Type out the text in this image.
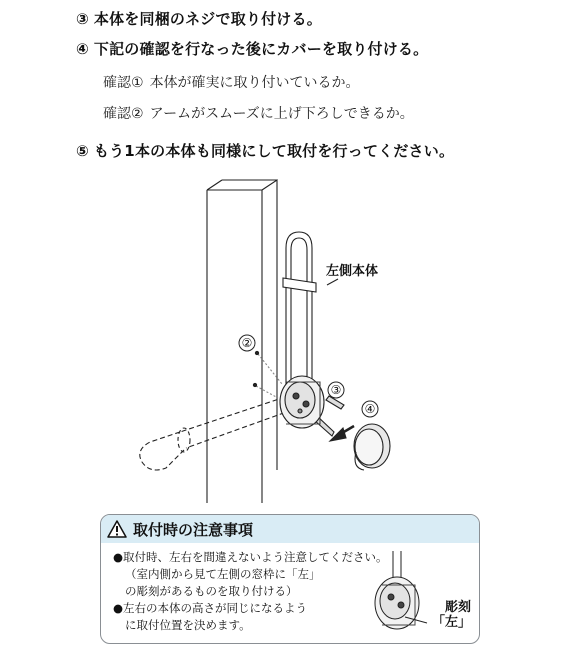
③ 本体を同梱のネジで取り付ける。
④ 下記の確認を行なった後にカバーを取り付ける。
確認① 本体が確実に取り付いているか。
確認② アームがスムーズに上げ下ろしできるか。
⑤ もう1本の本体も同様にして取付を行ってください。
左側本体
②
③
④
取付時の注意事項
●取付時、左右を間違えないよう注意してください。
（室内側から見て左側の窓枠に「左」
の彫刻があるものを取り付ける）
●左右の本体の高さが同じになるよう
に取付位置を決めます。
彫刻
「左」
